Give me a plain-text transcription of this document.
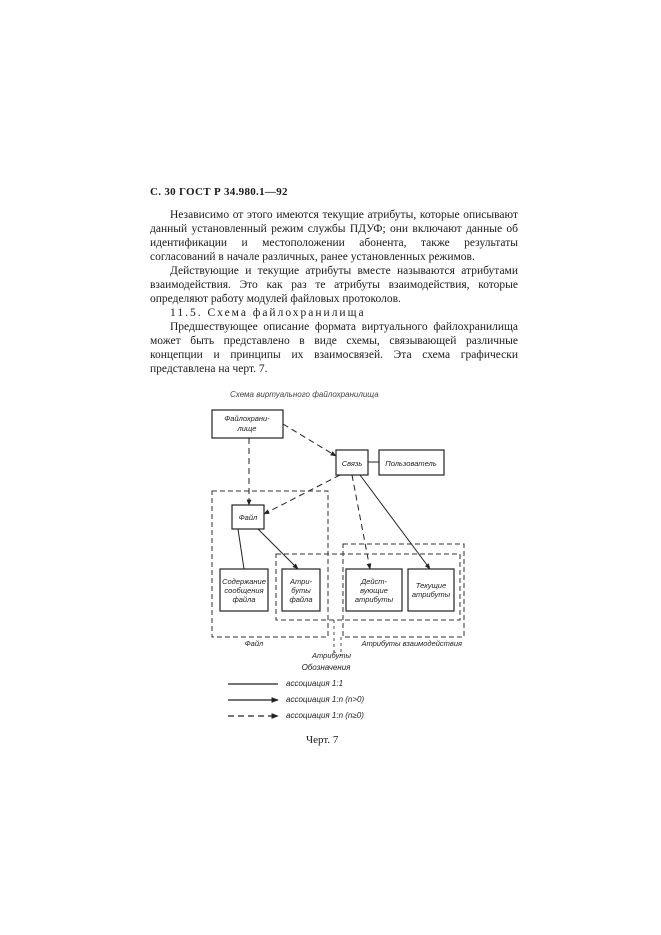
С. 30 ГОСТ Р 34.980.1—92

Независимо от этого имеются текущие атрибуты, которые описывают данный установленный режим службы ПДУФ; они включают данные об идентификации и местоположении абонента, также результаты согласований в начале различных, ранее установленных режимов.

Действующие и текущие атрибуты вместе называются атрибутами взаимодействия. Это как раз те атрибуты взаимодействия, которые определяют работу модулей файловых протоколов.

11.5. Схема файлохранилища

Предшествующее описание формата виртуального файлохранилища может быть представлено в виде схемы, связывающей различные концепции и принципы их взаимосвязей. Эта схема графически представлена на черт. 7.

Схема виртуального файлохранилища
Файлохрани-
лище
Связь	Пользователь
Файл
Содержание
сообщения
файла
Атри-
буты
файла
Дейст-
вующие
атрибуты
Текущие
атрибуты
Файл	Атрибуты взаимодействия
Атрибуты
Обозначения
ассоциация 1:1
ассоциация 1:n (n>0)
ассоциация 1:n (n≥0)
Черт. 7
